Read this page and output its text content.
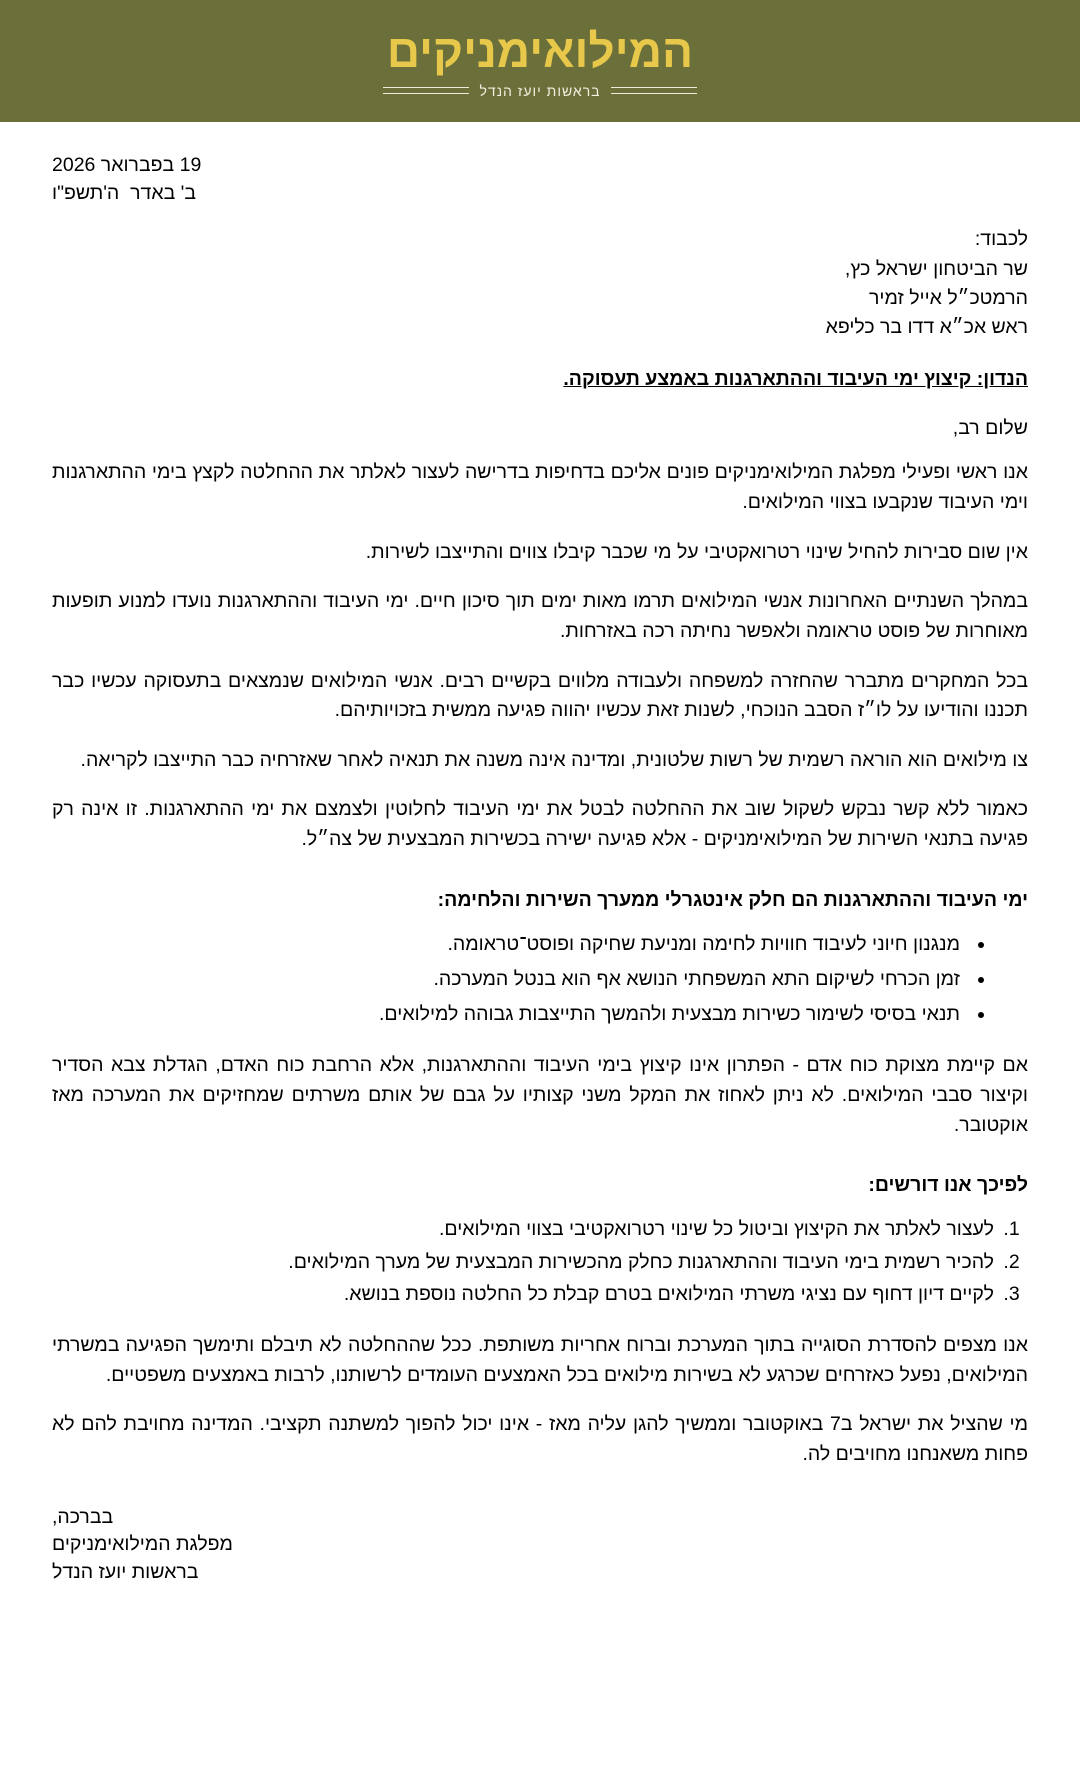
המילואימניקים
בראשות יועז הנדל
19 בפברואר 2026
ב' באדר  ה'תשפ"ו
לכבוד:
שר הביטחון ישראל כץ,
הרמטכ״ל אייל זמיר
ראש אכ״א דדו בר כליפא
הנדון: קיצוץ ימי העיבוד וההתארגנות באמצע תעסוקה.
שלום רב,

אנו ראשי ופעילי מפלגת המילואימניקים פונים אליכם בדחיפות בדרישה לעצור לאלתר את ההחלטה לקצץ בימי ההתארגנות וימי העיבוד שנקבעו בצווי המילואים.

אין שום סבירות להחיל שינוי רטרואקטיבי על מי שכבר קיבלו צווים והתייצבו לשירות.

במהלך השנתיים האחרונות אנשי המילואים תרמו מאות ימים תוך סיכון חיים. ימי העיבוד וההתארגנות נועדו למנוע תופעות מאוחרות של פוסט טראומה ולאפשר נחיתה רכה באזרחות.

בכל המחקרים מתברר שהחזרה למשפחה ולעבודה מלווים בקשיים רבים. אנשי המילואים שנמצאים בתעסוקה עכשיו כבר תכננו והודיעו על לו״ז הסבב הנוכחי, לשנות זאת עכשיו יהווה פגיעה ממשית בזכויותיהם.

צו מילואים הוא הוראה רשמית של רשות שלטונית, ומדינה אינה משנה את תנאיה לאחר שאזרחיה כבר התייצבו לקריאה.

כאמור ללא קשר נבקש לשקול שוב את ההחלטה לבטל את ימי העיבוד לחלוטין ולצמצם את ימי ההתארגנות. זו אינה רק פגיעה בתנאי השירות של המילואימניקים - אלא פגיעה ישירה בכשירות המבצעית של צה״ל.

ימי העיבוד וההתארגנות הם חלק אינטגרלי ממערך השירות והלחימה:
• מנגנון חיוני לעיבוד חוויות לחימה ומניעת שחיקה ופוסט־טראומה.
• זמן הכרחי לשיקום התא המשפחתי הנושא אף הוא בנטל המערכה.
• תנאי בסיסי לשימור כשירות מבצעית ולהמשך התייצבות גבוהה למילואים.

אם קיימת מצוקת כוח אדם - הפתרון אינו קיצוץ בימי העיבוד וההתארגנות, אלא הרחבת כוח האדם, הגדלת צבא הסדיר וקיצור סבבי המילואים. לא ניתן לאחוז את המקל משני קצותיו על גבם של אותם משרתים שמחזיקים את המערכה מאז אוקטובר.

לפיכך אנו דורשים:
1. לעצור לאלתר את הקיצוץ וביטול כל שינוי רטרואקטיבי בצווי המילואים.
2. להכיר רשמית בימי העיבוד וההתארגנות כחלק מהכשירות המבצעית של מערך המילואים.
3. לקיים דיון דחוף עם נציגי משרתי המילואים בטרם קבלת כל החלטה נוספת בנושא.

אנו מצפים להסדרת הסוגייה בתוך המערכת וברוח אחריות משותפת. ככל שההחלטה לא תיבלם ותימשך הפגיעה במשרתי המילואים, נפעל כאזרחים שכרגע לא בשירות מילואים בכל האמצעים העומדים לרשותנו, לרבות באמצעים משפטיים.

מי שהציל את ישראל ב7 באוקטובר וממשיך להגן עליה מאז - אינו יכול להפוך למשתנה תקציבי. המדינה מחויבת להם לא פחות משאנחנו מחויבים לה.

בברכה,
מפלגת המילואימניקים
בראשות יועז הנדל
